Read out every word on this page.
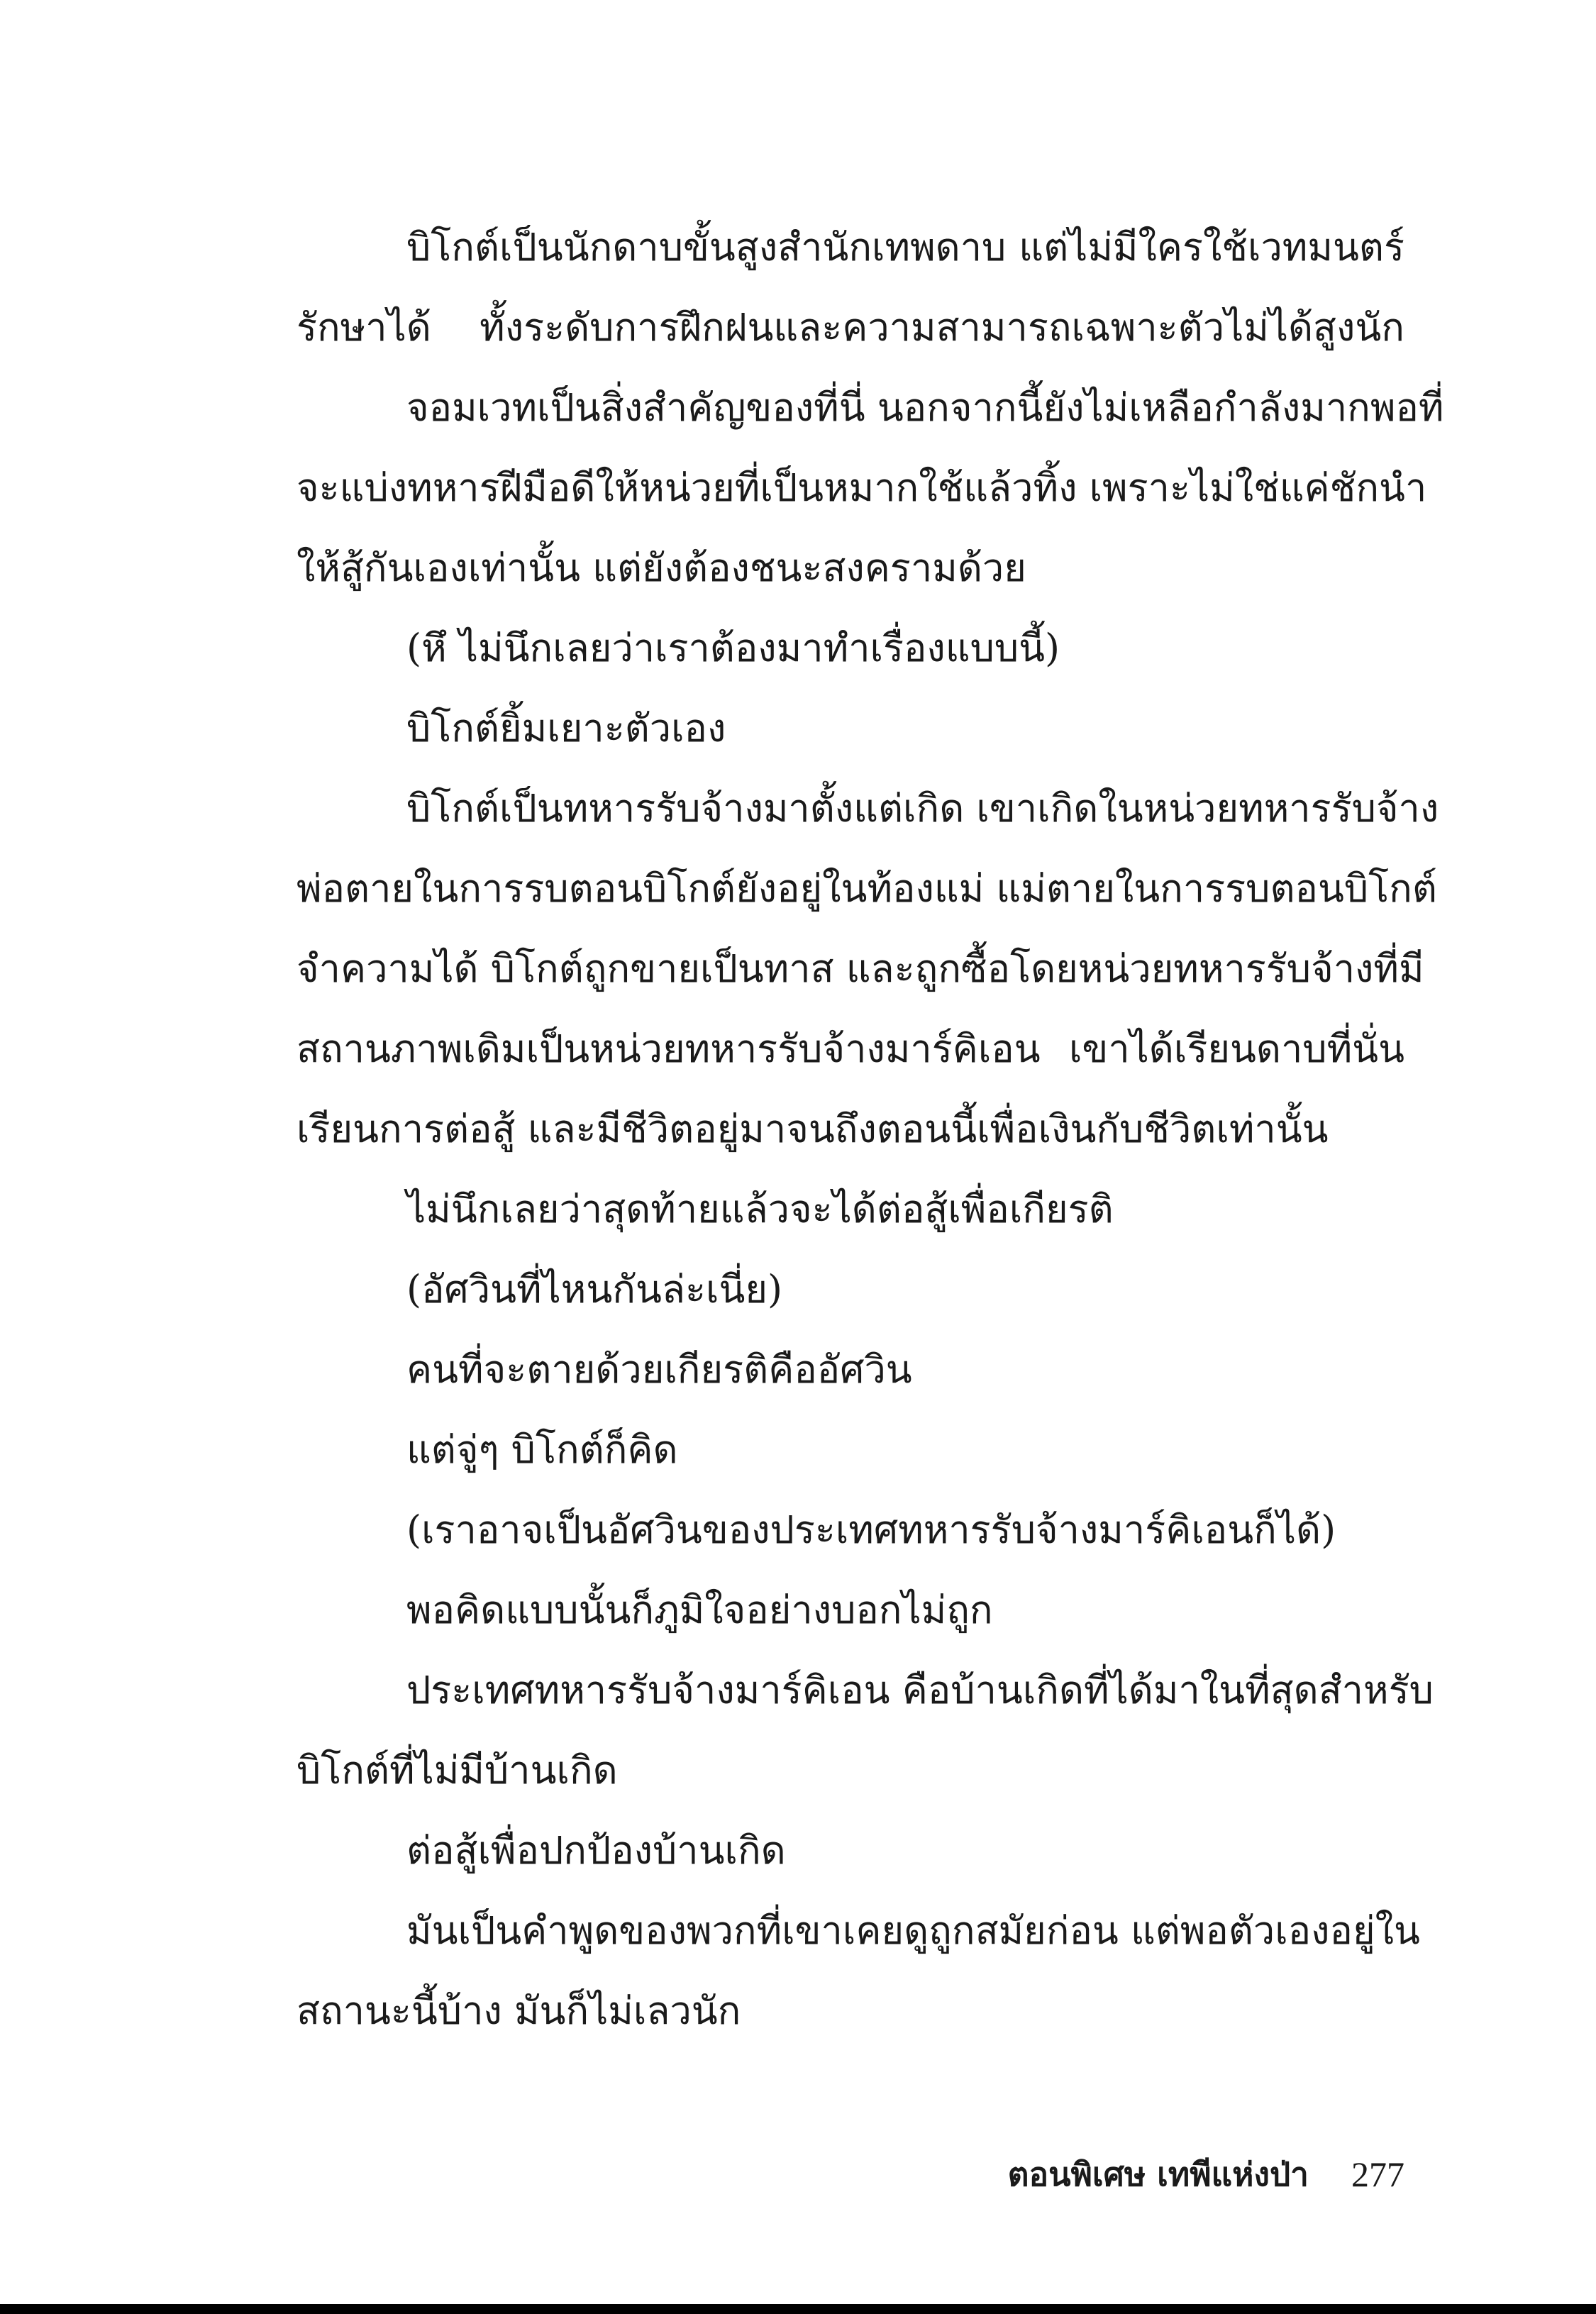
บิโกต์เป็นนักดาบขั้นสูงสำนักเทพดาบ แต่ไม่มีใครใช้เวทมนตร์
รักษาได้ ทั้งระดับการฝึกฝนและความสามารถเฉพาะตัวไม่ได้สูงนัก
จอมเวทเป็นสิ่งสำคัญของที่นี่ นอกจากนี้ยังไม่เหลือกำลังมากพอที่
จะแบ่งทหารฝีมือดีให้หน่วยที่เป็นหมากใช้แล้วทิ้ง เพราะไม่ใช่แค่ชักนำ
ให้สู้กันเองเท่านั้น แต่ยังต้องชนะสงครามด้วย
(หึ ไม่นึกเลยว่าเราต้องมาทำเรื่องแบบนี้)
บิโกต์ยิ้มเยาะตัวเอง
บิโกต์เป็นทหารรับจ้างมาตั้งแต่เกิด เขาเกิดในหน่วยทหารรับจ้าง
พ่อตายในการรบตอนบิโกต์ยังอยู่ในท้องแม่ แม่ตายในการรบตอนบิโกต์
จำความได้ บิโกต์ถูกขายเป็นทาส และถูกซื้อโดยหน่วยทหารรับจ้างที่มี
สถานภาพเดิมเป็นหน่วยทหารรับจ้างมาร์คิเอน เขาได้เรียนดาบที่นั่น
เรียนการต่อสู้ และมีชีวิตอยู่มาจนถึงตอนนี้เพื่อเงินกับชีวิตเท่านั้น
ไม่นึกเลยว่าสุดท้ายแล้วจะได้ต่อสู้เพื่อเกียรติ
(อัศวินที่ไหนกันล่ะเนี่ย)
คนที่จะตายด้วยเกียรติคืออัศวิน
แต่จู่ๆ บิโกต์ก็คิด
(เราอาจเป็นอัศวินของประเทศทหารรับจ้างมาร์คิเอนก็ได้)
พอคิดแบบนั้นก็ภูมิใจอย่างบอกไม่ถูก
ประเทศทหารรับจ้างมาร์คิเอน คือบ้านเกิดที่ได้มาในที่สุดสำหรับ
บิโกต์ที่ไม่มีบ้านเกิด
ต่อสู้เพื่อปกป้องบ้านเกิด
มันเป็นคำพูดของพวกที่เขาเคยดูถูกสมัยก่อน แต่พอตัวเองอยู่ใน
สถานะนี้บ้าง มันก็ไม่เลวนัก
ตอนพิเศษ เทพีแห่งป่า 277
